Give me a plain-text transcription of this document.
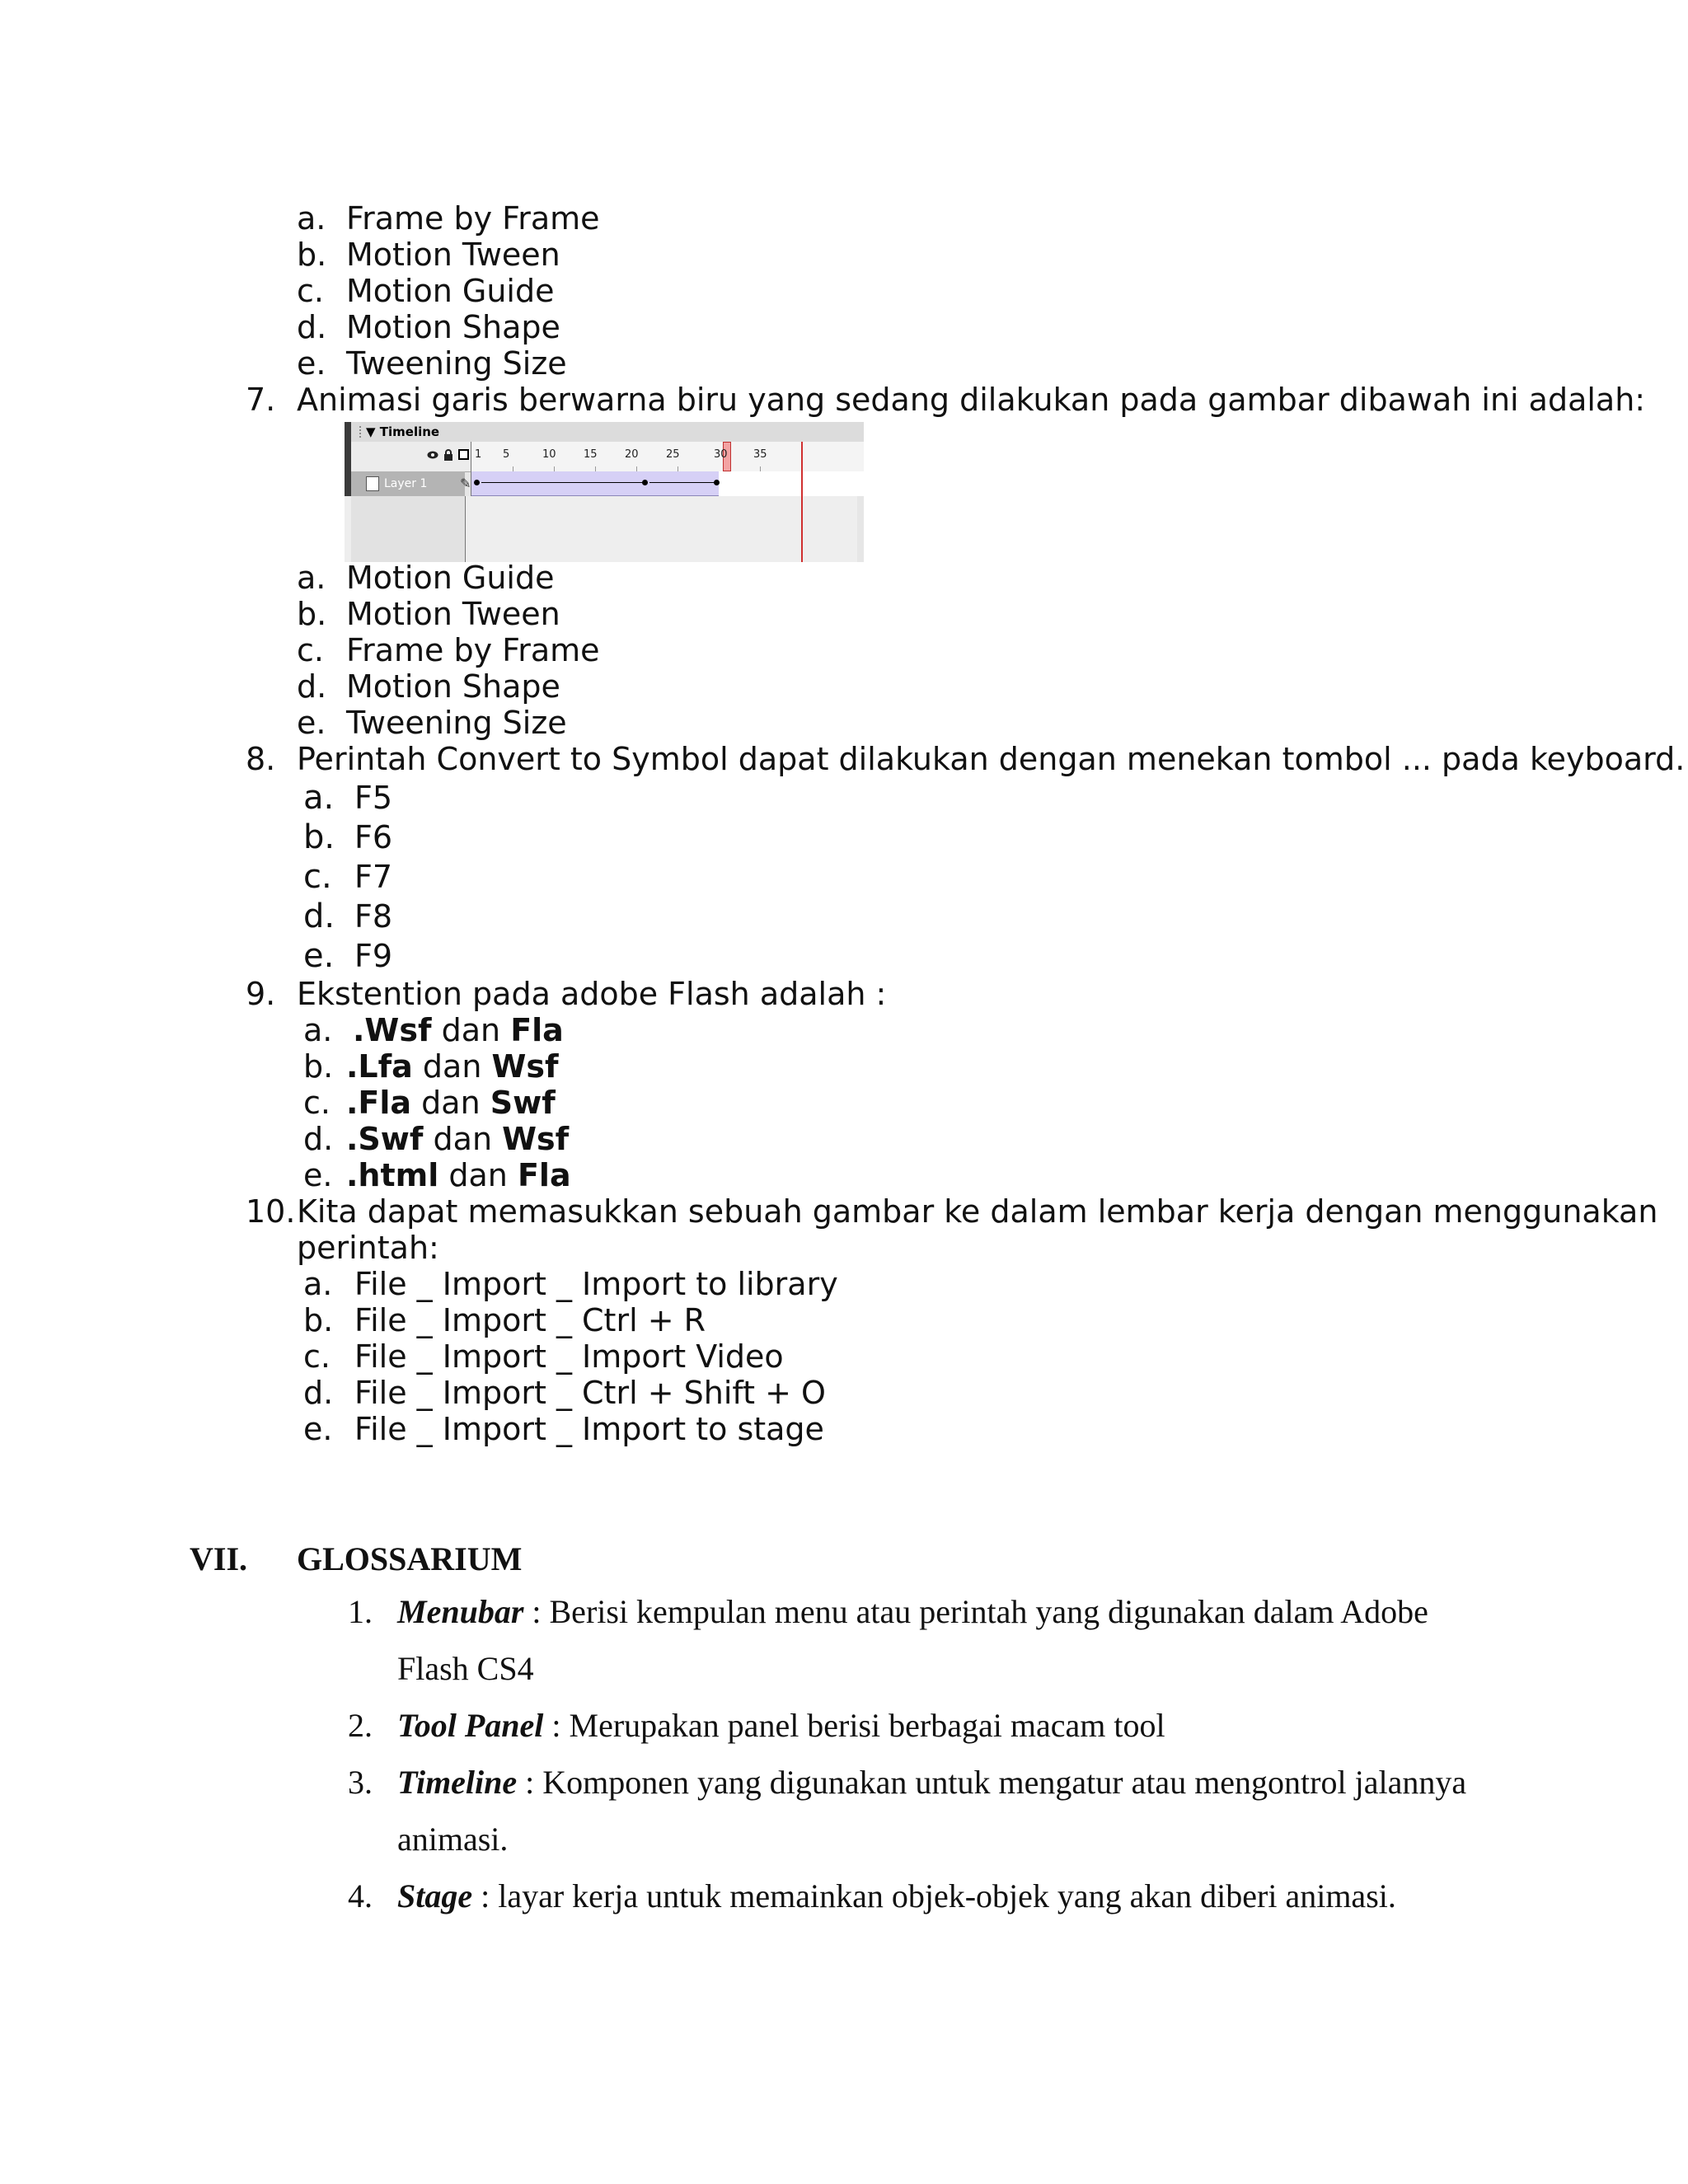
a. Frame by Frame
b. Motion Tween
c. Motion Guide
d. Motion Shape
e. Tweening Size
7. Animasi garis berwarna biru yang sedang dilakukan pada gambar dibawah ini adalah:
▼ Timeline
1 5	10	15	20	25	30 35
Layer 1 ✎
a. Motion Guide
b. Motion Tween
c. Frame by Frame
d. Motion Shape
e. Tweening Size
8. Perintah Convert to Symbol dapat dilakukan dengan menekan tombol ... pada keyboard.
a. F5
b. F6
c. F7
d. F8
e. F9
9. Ekstention pada adobe Flash adalah :
a. .Wsf dan Fla
b. .Lfa dan Wsf
c. .Fla dan Swf
d. .Swf dan Wsf
e. .html dan Fla
10. Kita dapat memasukkan sebuah gambar ke dalam lembar kerja dengan menggunakan
perintah:
a. File _ Import _ Import to library
b. File _ Import _ Ctrl + R
c. File _ Import _ Import Video
d. File _ Import _ Ctrl + Shift + O
e. File _ Import _ Import to stage
VII. GLOSSARIUM
1. Menubar : Berisi kempulan menu atau perintah yang digunakan dalam Adobe
Flash CS4
2. Tool Panel : Merupakan panel berisi berbagai macam tool
3. Timeline : Komponen yang digunakan untuk mengatur atau mengontrol jalannya
animasi.
4. Stage : layar kerja untuk memainkan objek-objek yang akan diberi animasi.
